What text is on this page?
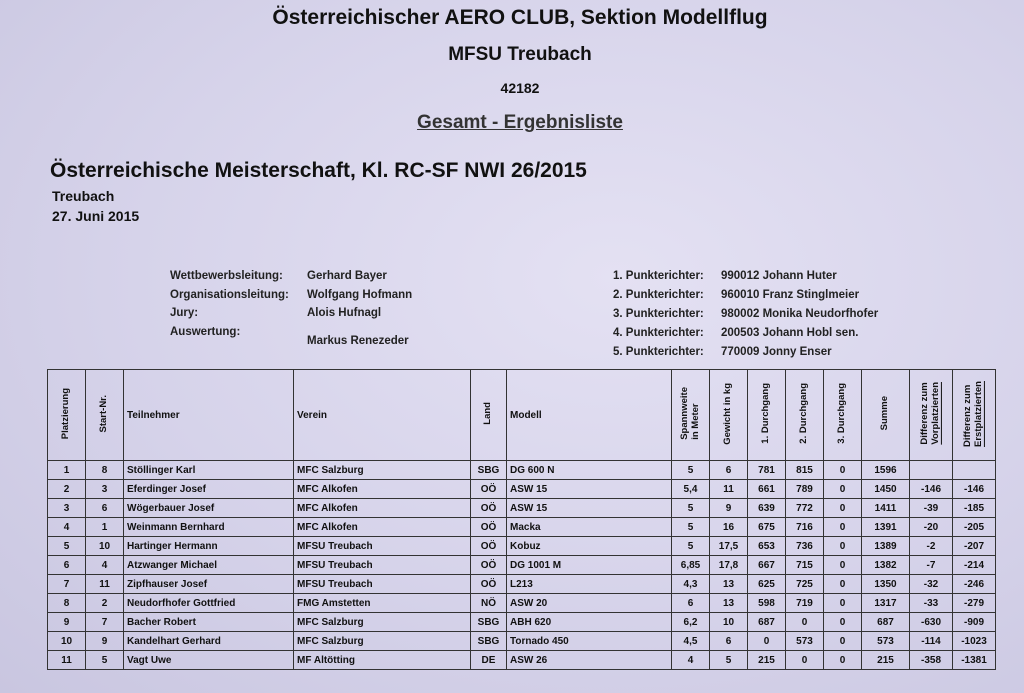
Österreichischer AERO CLUB, Sektion Modellflug
MFSU Treubach
42182
Gesamt - Ergebnisliste
Österreichische Meisterschaft, Kl. RC-SF NWI 26/2015
Treubach
27. Juni 2015
Wettbewerbsleitung: Gerhard Bayer
Organisationsleitung: Wolfgang Hofmann
Jury:	Alois Hufnagl
Auswertung:
Markus Renezeder
1. Punkterichter: 990012 Johann Huter
2. Punkterichter: 960010 Franz Stinglmeier
3. Punkterichter: 980002 Monika Neudorfhofer
4. Punkterichter: 200503 Johann Hobl sen.
5. Punkterichter: 770009 Jonny Enser
Platzierung	Start-Nr.	Teilnehmer	Verein	Land	Modell	Spannweite
in Meter	Gewicht in kg	1. Durchgang	2. Durchgang	3. Durchgang	Summe	Differenz zum
Vorplatzierten	Differenz zum
Erstplatzierten
1	8	Stöllinger Karl	MFC Salzburg	SBG	DG 600 N	5	6	781	815	0	1596		
2	3	Eferdinger Josef	MFC Alkofen	OÖ	ASW 15	5,4	11	661	789	0	1450	-146	-146
3	6	Wögerbauer Josef	MFC Alkofen	OÖ	ASW 15	5	9	639	772	0	1411	-39	-185
4	1	Weinmann Bernhard	MFC Alkofen	OÖ	Macka	5	16	675	716	0	1391	-20	-205
5	10	Hartinger Hermann	MFSU Treubach	OÖ	Kobuz	5	17,5	653	736	0	1389	-2	-207
6	4	Atzwanger Michael	MFSU Treubach	OÖ	DG 1001 M	6,85	17,8	667	715	0	1382	-7	-214
7	11	Zipfhauser Josef	MFSU Treubach	OÖ	L213	4,3	13	625	725	0	1350	-32	-246
8	2	Neudorfhofer Gottfried	FMG Amstetten	NÖ	ASW 20	6	13	598	719	0	1317	-33	-279
9	7	Bacher Robert	MFC Salzburg	SBG	ABH 620	6,2	10	687	0	0	687	-630	-909
10	9	Kandelhart Gerhard	MFC Salzburg	SBG	Tornado 450	4,5	6	0	573	0	573	-114	-1023
11	5	Vagt Uwe	MF Altötting	DE	ASW 26	4	5	215	0	0	215	-358	-1381
